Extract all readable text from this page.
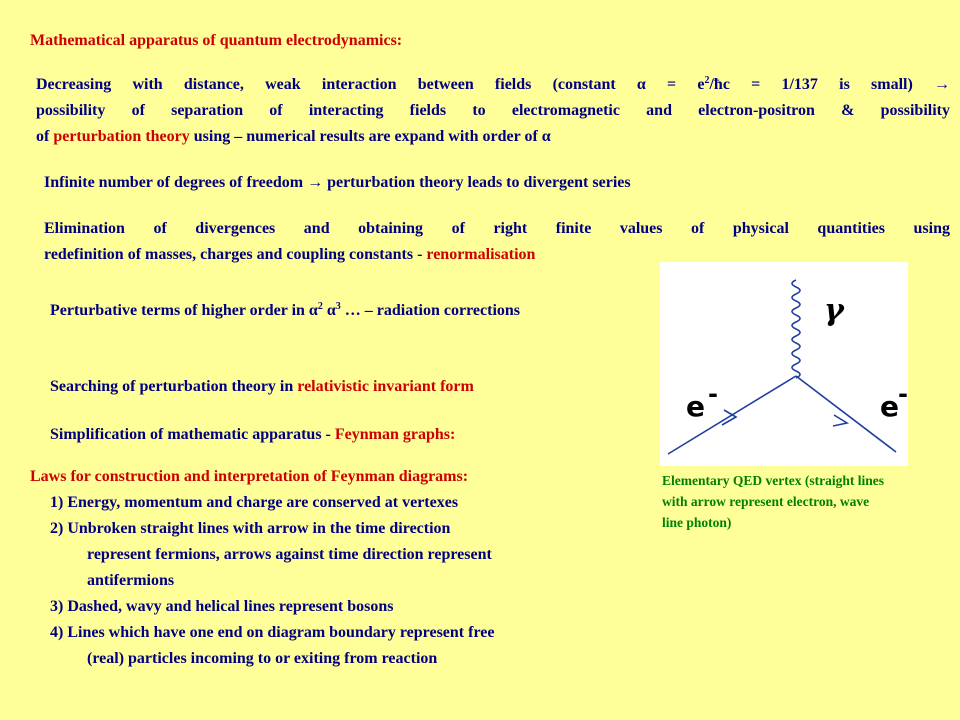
Mathematical apparatus of quantum electrodynamics:
Decreasing with distance, weak interaction between fields (constant $\alpha = e^2/ħc = 1/137$ is small) →
possibility of separation of interacting fields to electromagnetic and electron-positron & possibility
of perturbation theory using – numerical results are expand with order of α
Infinite number of degrees of freedom → perturbation theory leads to divergent series
Elimination of divergences and obtaining of right finite values of physical quantities using
redefinition of masses, charges and coupling constants - renormalisation
Perturbative terms of higher order in $\alpha^2$ $\alpha^3$ … – radiation corrections
Searching of perturbation theory in relativistic invariant form
Simplification of mathematic apparatus - Feynman graphs:
Laws for construction and interpretation of Feynman diagrams:
1) Energy, momentum and charge are conserved at vertexes
2) Unbroken straight lines with arrow in the time direction
represent fermions, arrows against time direction represent
antifermions
3) Dashed, wavy and helical lines represent bosons
4) Lines which have one end on diagram boundary represent free
(real) particles incoming to or exiting from reaction
γ
e -	e -
Elementary QED vertex (straight lines with arrow represent electron, wave line photon)
